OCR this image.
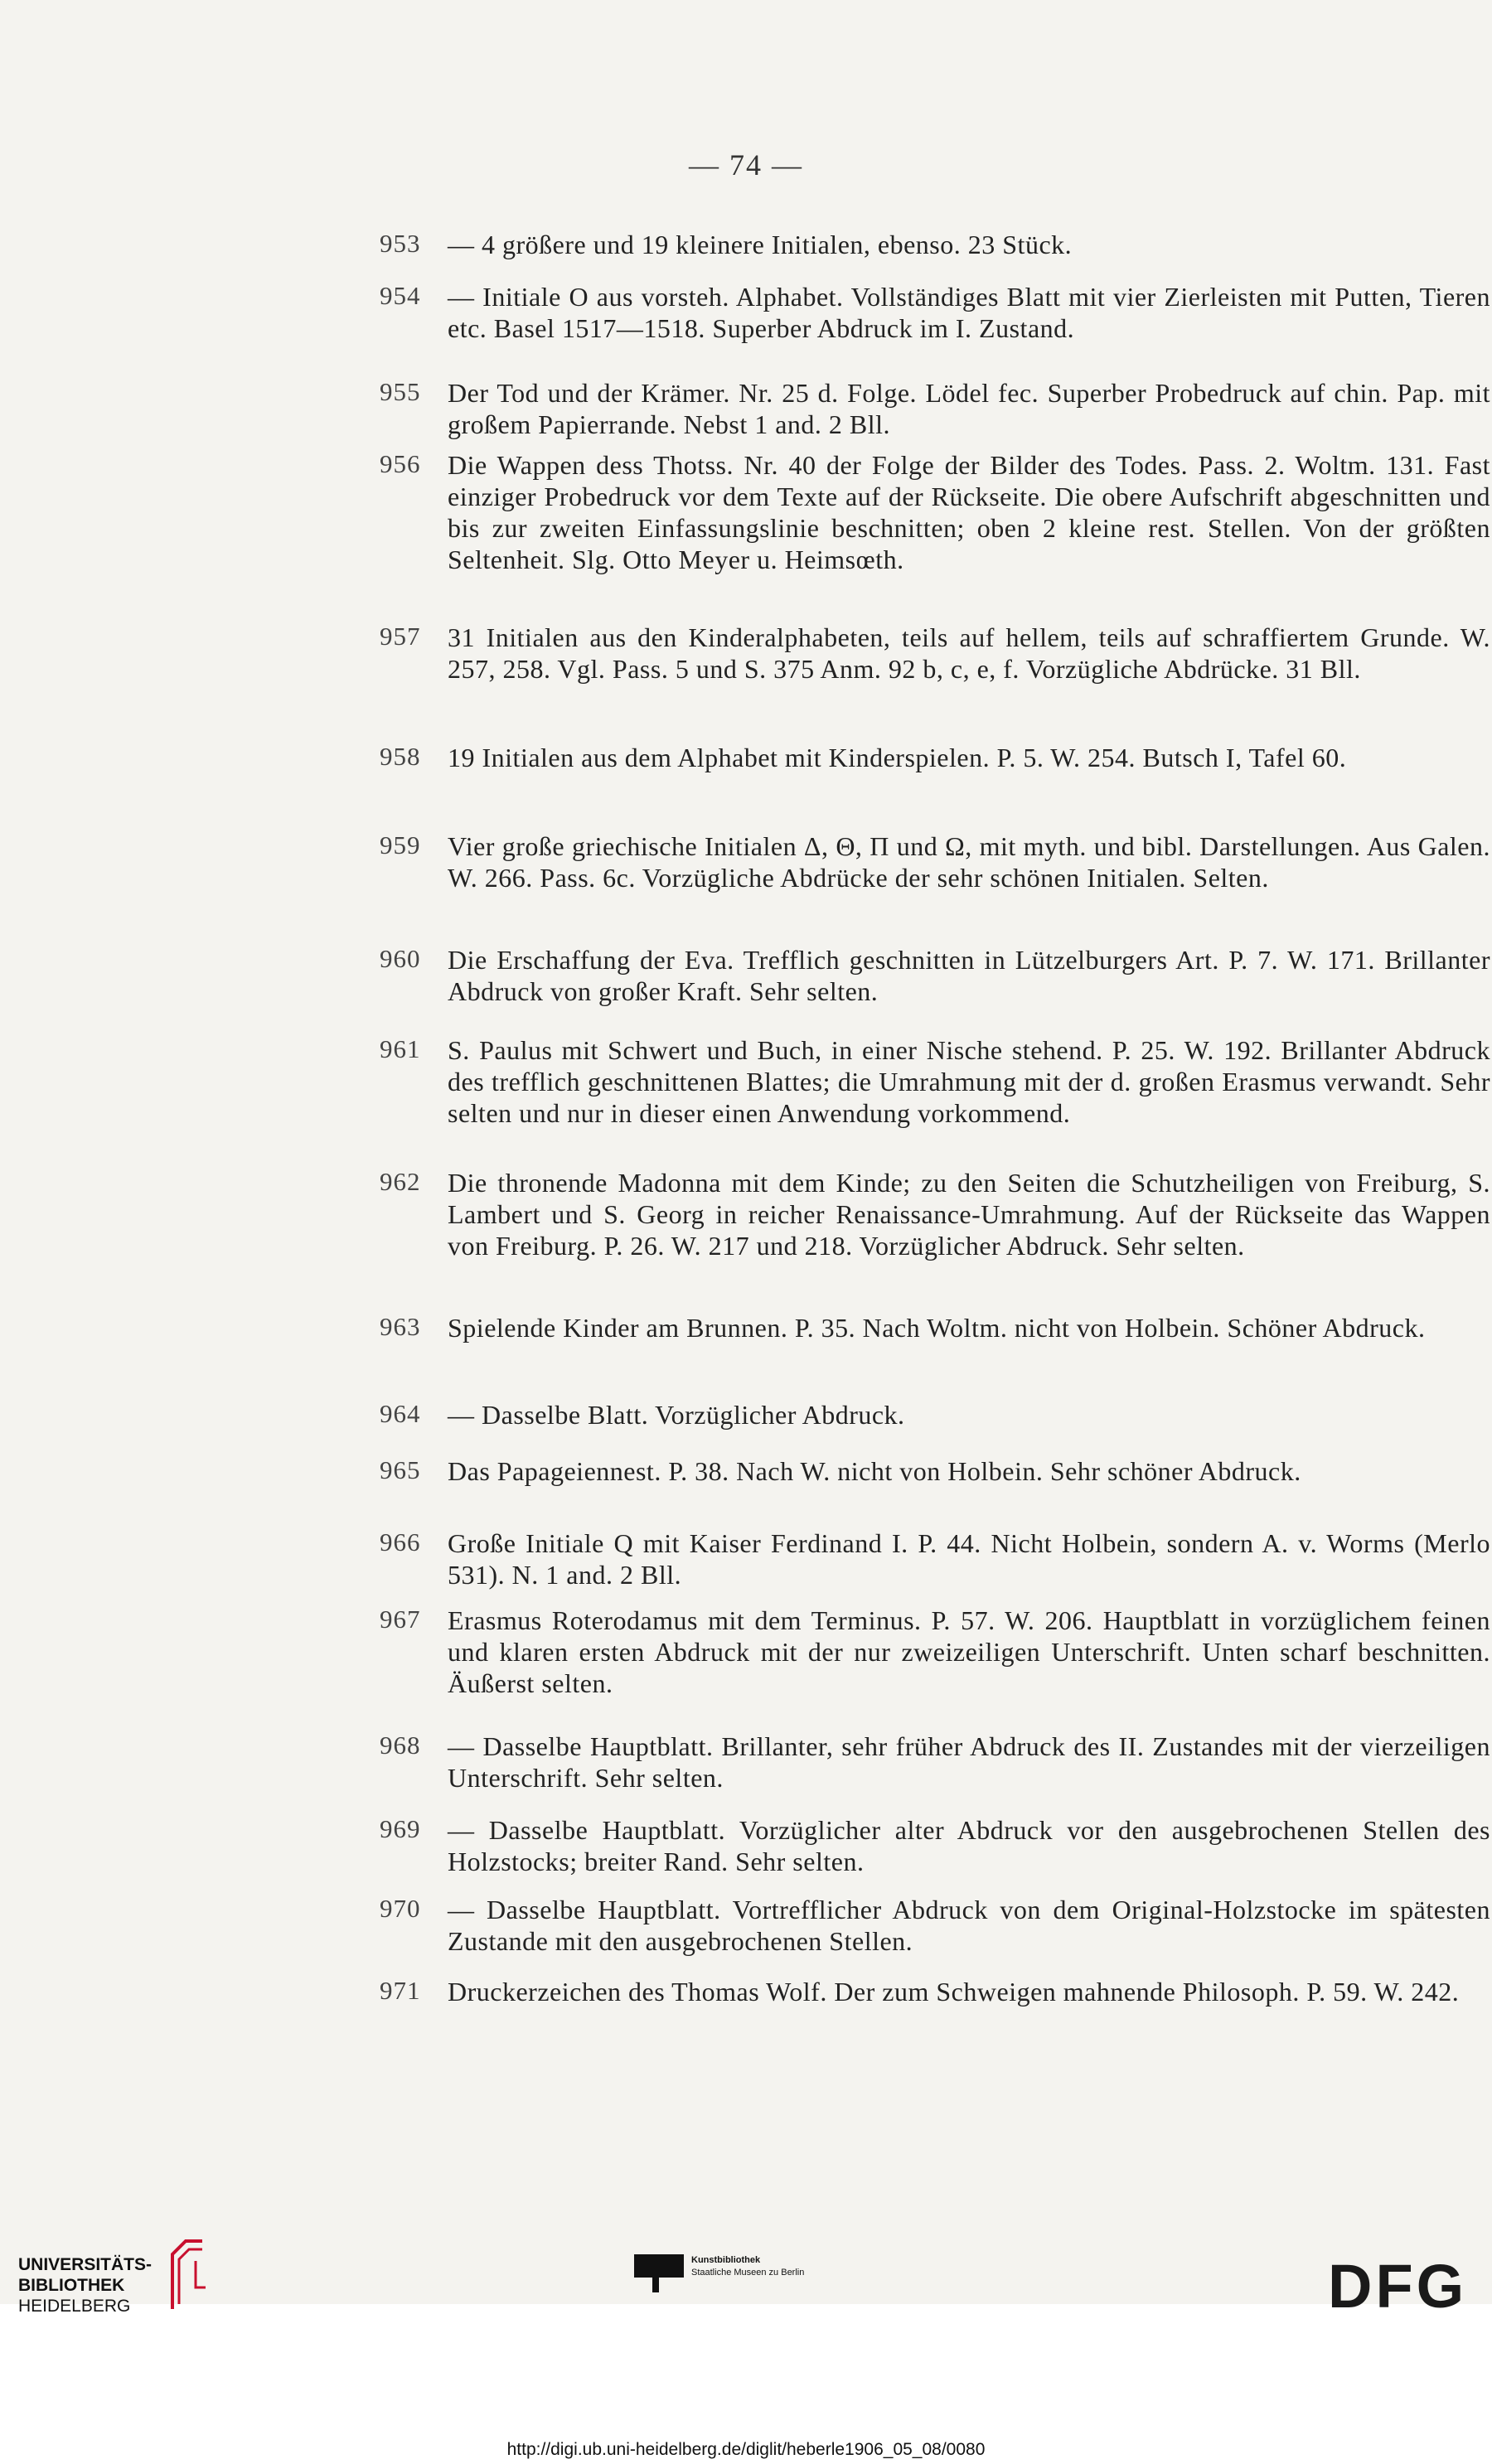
— 74 —
953 — 4 größere und 19 kleinere Initialen, ebenso. 23 Stück.
954 — Initiale O aus vorsteh. Alphabet. Vollständiges Blatt mit vier Zierleisten mit Putten, Tieren etc. Basel 1517—1518. Superber Abdruck im I. Zustand.
955 Der Tod und der Krämer. Nr. 25 d. Folge. Lödel fec. Superber Probedruck auf chin. Pap. mit großem Papierrande. Nebst 1 and. 2 Bll.
956 Die Wappen dess Thotss. Nr. 40 der Folge der Bilder des Todes. Pass. 2. Woltm. 131. Fast einziger Probedruck vor dem Texte auf der Rückseite. Die obere Aufschrift abgeschnitten und bis zur zweiten Einfassungslinie beschnitten; oben 2 kleine rest. Stellen. Von der größten Seltenheit. Slg. Otto Meyer u. Heimsœth.
957 31 Initialen aus den Kinderalphabeten, teils auf hellem, teils auf schraffiertem Grunde. W. 257, 258. Vgl. Pass. 5 und S. 375 Anm. 92 b, c, e, f. Vorzügliche Abdrücke. 31 Bll.
958 19 Initialen aus dem Alphabet mit Kinderspielen. P. 5. W. 254. Butsch I, Tafel 60.
959 Vier große griechische Initialen Δ, Θ, Π und Ω, mit myth. und bibl. Darstellungen. Aus Galen. W. 266. Pass. 6c. Vorzügliche Abdrücke der sehr schönen Initialen. Selten.
960 Die Erschaffung der Eva. Trefflich geschnitten in Lützelburgers Art. P. 7. W. 171. Brillanter Abdruck von großer Kraft. Sehr selten.
961 S. Paulus mit Schwert und Buch, in einer Nische stehend. P. 25. W. 192. Brillanter Abdruck des trefflich geschnittenen Blattes; die Umrahmung mit der d. großen Erasmus verwandt. Sehr selten und nur in dieser einen Anwendung vorkommend.
962 Die thronende Madonna mit dem Kinde; zu den Seiten die Schutzheiligen von Freiburg, S. Lambert und S. Georg in reicher Renaissance-Umrahmung. Auf der Rückseite das Wappen von Freiburg. P. 26. W. 217 und 218. Vorzüglicher Abdruck. Sehr selten.
963 Spielende Kinder am Brunnen. P. 35. Nach Woltm. nicht von Holbein. Schöner Abdruck.
964 — Dasselbe Blatt. Vorzüglicher Abdruck.
965 Das Papageiennest. P. 38. Nach W. nicht von Holbein. Sehr schöner Abdruck.
966 Große Initiale Q mit Kaiser Ferdinand I. P. 44. Nicht Holbein, sondern A. v. Worms (Merlo 531). N. 1 and. 2 Bll.
967 Erasmus Roterodamus mit dem Terminus. P. 57. W. 206. Hauptblatt in vorzüglichem feinen und klaren ersten Abdruck mit der nur zweizeiligen Unterschrift. Unten scharf beschnitten. Äußerst selten.
968 — Dasselbe Hauptblatt. Brillanter, sehr früher Abdruck des II. Zustandes mit der vierzeiligen Unterschrift. Sehr selten.
969 — Dasselbe Hauptblatt. Vorzüglicher alter Abdruck vor den ausgebrochenen Stellen des Holzstocks; breiter Rand. Sehr selten.
970 — Dasselbe Hauptblatt. Vortrefflicher Abdruck von dem Original-Holzstocke im spätesten Zustande mit den ausgebrochenen Stellen.
971 Druckerzeichen des Thomas Wolf. Der zum Schweigen mahnende Philosoph. P. 59. W. 242.
UNIVERSITÄTS-
BIBLIOTHEK
HEIDELBERG
Kunstbibliothek
Staatliche Museen zu Berlin	DFG
http://digi.ub.uni-heidelberg.de/diglit/heberle1906_05_08/0080
